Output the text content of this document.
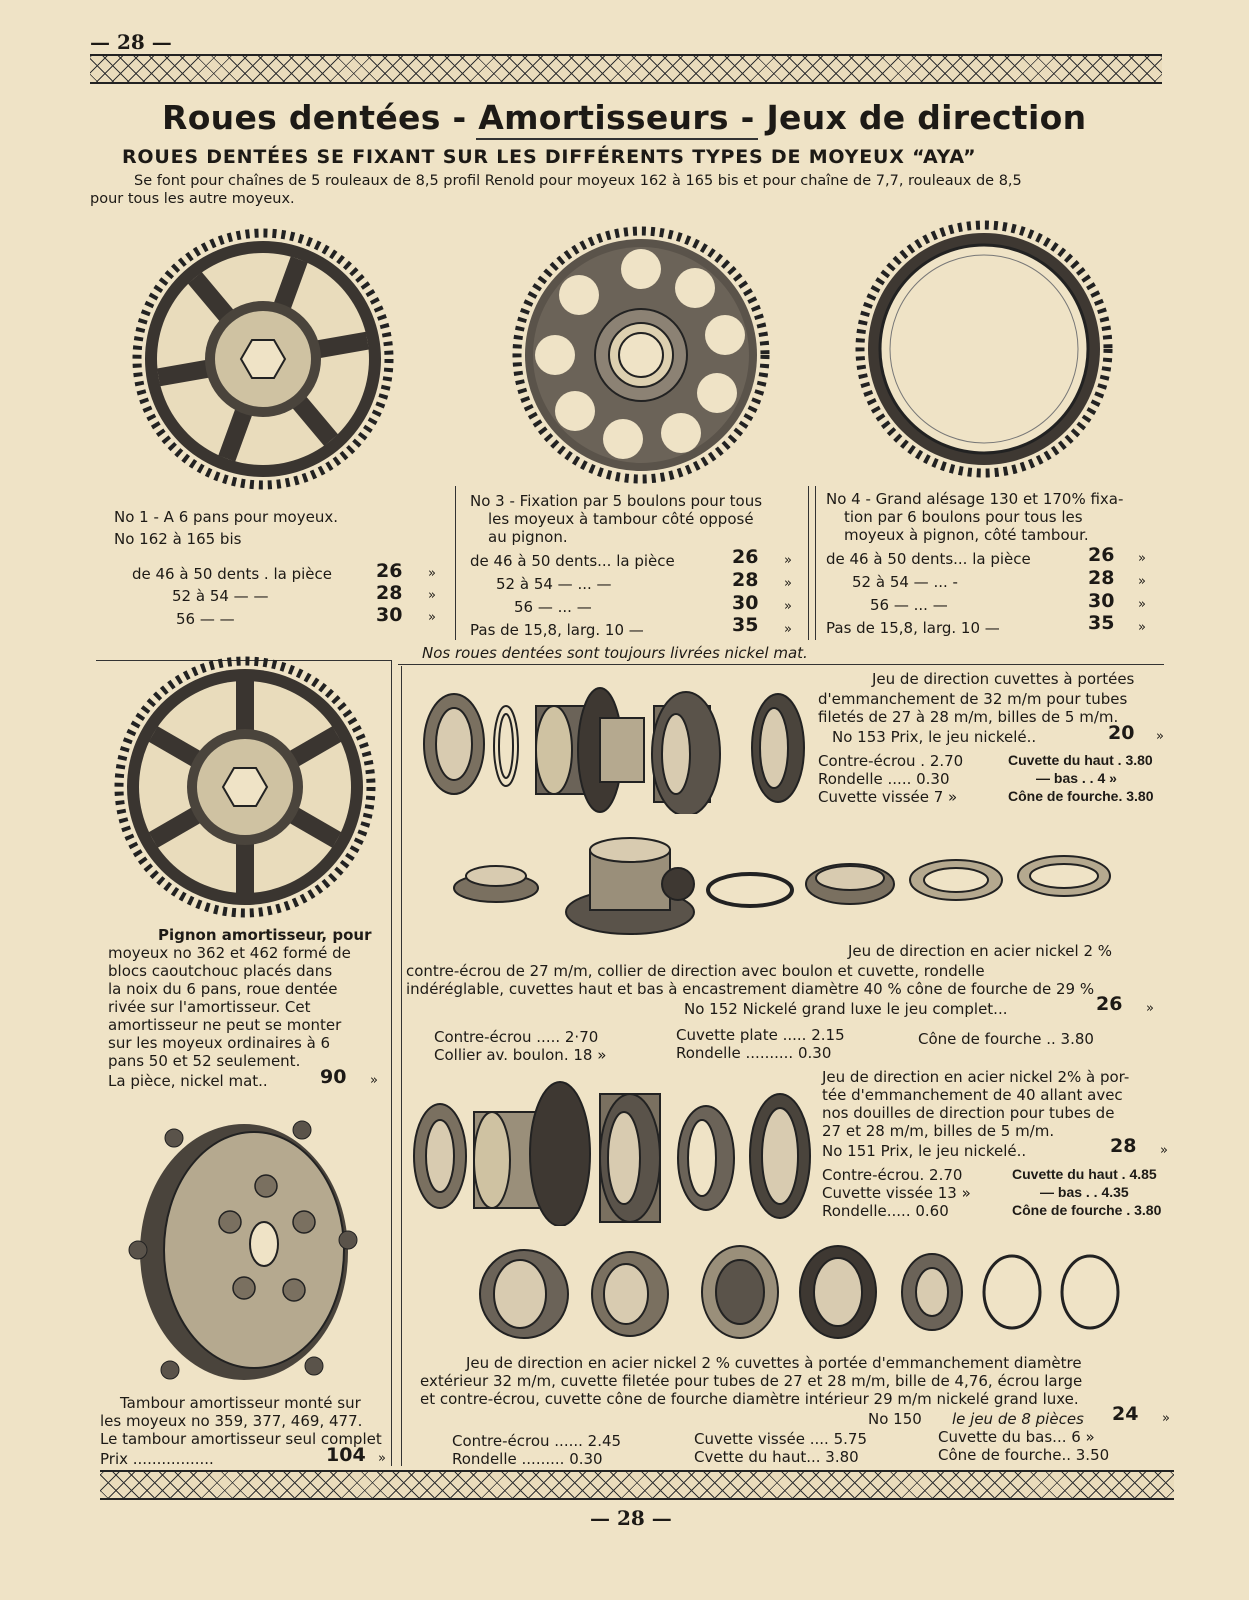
— 28 —
Roues dentées - Amortisseurs - Jeux de direction
ROUES DENTÉES SE FIXANT SUR LES DIFFÉRENTS TYPES DE MOYEUX “AYA”
Se font pour chaînes de 5 rouleaux de 8,5 profil Renold pour moyeux 162 à 165 bis et pour chaîne de 7,7, rouleaux de 8,5
pour tous les autre moyeux.
No 1 - A 6 pans pour moyeux.
No 162 à 165 bis
de 46 à 50 dents . la pièce 26 »
52 à 54 — —	28 »
56 — —	30 »
No 3 - Fixation par 5 boulons pour tous
les moyeux à tambour côté opposé
au pignon.
de 46 à 50 dents... la pièce	26 »
52 à 54 — ... —	28 »
56 — ... —	30 »
Pas de 15,8, larg. 10 —	35 »
No 4 - Grand alésage 130 et 170% fixa-
tion par 6 boulons pour tous les
moyeux à pignon, côté tambour.
de 46 à 50 dents... la pièce	26 »
52 à 54 — ... -	28 »
56 — ... —	30 »
Pas de 15,8, larg. 10 —	35 »
Nos roues dentées sont toujours livrées nickel mat.
Pignon amortisseur, pour
moyeux no 362 et 462 formé de
blocs caoutchouc placés dans
la noix du 6 pans, roue dentée
rivée sur l'amortisseur. Cet
amortisseur ne peut se monter
sur les moyeux ordinaires à 6
pans 50 et 52 seulement.
La pièce, nickel mat..	90 »
Tambour amortisseur monté sur
les moyeux no 359, 377, 469, 477.
Le tambour amortisseur seul complet
Prix .................	104 »
Jeu de direction cuvettes à portées
d'emmanchement de 32 m/m pour tubes
filetés de 27 à 28 m/m, billes de 5 m/m.
No 153 Prix, le jeu nickelé..	20 »
Contre-écrou . 2.70
Rondelle ..... 0.30
Cuvette vissée 7 »
Cuvette du haut . 3.80
— bas . . 4 »
Cône de fourche. 3.80
Jeu de direction en acier nickel 2 %
contre-écrou de 27 m/m, collier de direction avec boulon et cuvette, rondelle
indéréglable, cuvettes haut et bas à encastrement diamètre 40 % cône de fourche de 29 %
No 152 Nickelé grand luxe le jeu complet...	26 »
Contre-écrou ..... 2·70
Collier av. boulon. 18 »
Cuvette plate ..... 2.15
Rondelle .......... 0.30
Cône de fourche .. 3.80
Jeu de direction en acier nickel 2% à por-
tée d'emmanchement de 40 allant avec
nos douilles de direction pour tubes de
27 et 28 m/m, billes de 5 m/m.
No 151 Prix, le jeu nickelé..	28 »
Contre-écrou. 2.70
Cuvette vissée 13 »
Rondelle..... 0.60
Cuvette du haut . 4.85
— bas . . 4.35
Cône de fourche . 3.80
Jeu de direction en acier nickel 2 % cuvettes à portée d'emmanchement diamètre
extérieur 32 m/m, cuvette filetée pour tubes de 27 et 28 m/m, bille de 4,76, écrou large
et contre-écrou, cuvette cône de fourche diamètre intérieur 29 m/m nickelé grand luxe.
No 150 le jeu de 8 pièces 24 »
Contre-écrou ...... 2.45
Rondelle ......... 0.30
Cuvette vissée .... 5.75
Cvette du haut... 3.80
Cuvette du bas... 6 »
Cône de fourche.. 3.50
— 28 —
